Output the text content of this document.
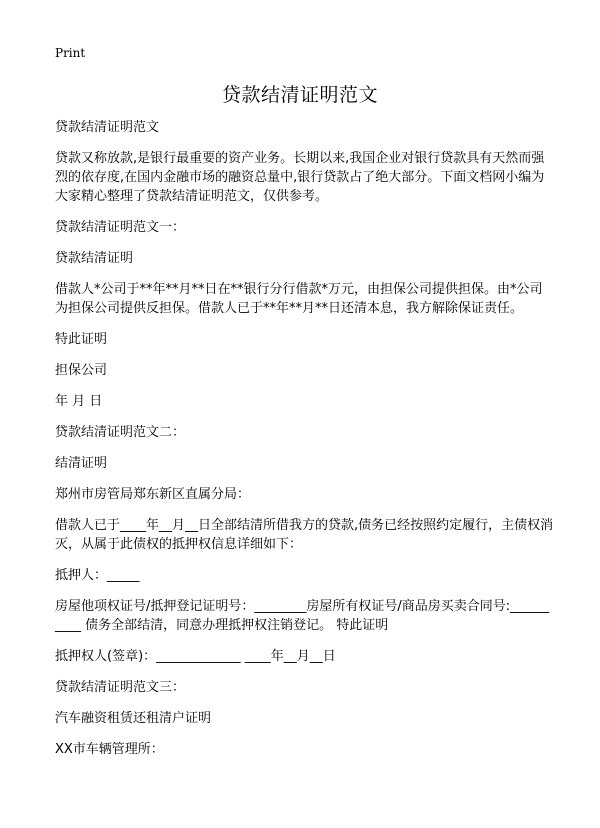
Print
贷款结清证明范文

贷款结清证明范文

贷款又称放款,是银行最重要的资产业务。长期以来,我国企业对银行贷款具有天然而强烈的依存度,在国内金融市场的融资总量中,银行贷款占了绝大部分。下面文档网小编为大家精心整理了贷款结清证明范文，仅供参考。

贷款结清证明范文一：

贷款结清证明

借款人*公司于**年**月**日在**银行分行借款*万元，由担保公司提供担保。由*公司为担保公司提供反担保。借款人已于**年**月**日还清本息，我方解除保证责任。

特此证明

担保公司

年 月 日

贷款结清证明范文二：

结清证明

郑州市房管局郑东新区直属分局：

借款人已于____年__月__日全部结清所借我方的贷款,债务已经按照约定履行，主债权消灭，从属于此债权的抵押权信息详细如下：

抵押人：_____

房屋他项权证号/抵押登记证明号：________房屋所有权证号/商品房买卖合同号:__________ 债务全部结清，同意办理抵押权注销登记。 特此证明

抵押权人(签章)：_____________ ____年__月__日

贷款结清证明范文三：

汽车融资租赁还租清户证明

XX市车辆管理所：
